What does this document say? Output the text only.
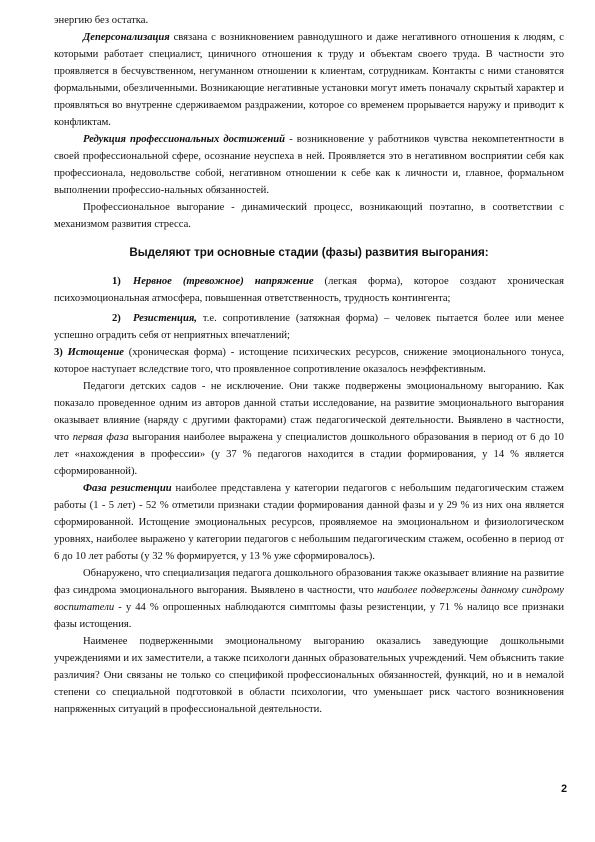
энергию без остатка.

Деперсонализация связана с возникновением равнодушного и даже негативного отношения к людям, с которыми работает специалист, циничного отношения к труду и объектам своего труда. В частности это проявляется в бесчувственном, негуманном отношении к клиентам, сотрудникам. Контакты с ними становятся формальными, обезличенными. Возникающие негативные установки могут иметь поначалу скрытый характер и проявляться во внутренне сдерживаемом раздражении, которое со временем прорывается наружу и приводит к конфликтам.

Редукция профессиональных достижений - возникновение у работников чувства некомпетентности в своей профессиональной сфере, осознание неуспеха в ней. Проявляется это в негативном восприятии себя как профессионала, недовольстве собой, негативном отношении к себе как к личности и, главное, формальном выполнении профессио-нальных обязанностей.

Профессиональное выгорание - динамический процесс, возникающий поэтапно, в соответствии с механизмом развития стресса.

Выделяют три основные стадии (фазы) развития выгорания:

1) Нервное (тревожное) напряжение (легкая форма), которое создают хроническая психоэмоциональная атмосфера, повышенная ответственность, трудность контингента;

2) Резистенция, т.е. сопротивление (затяжная форма) – человек пытается более или менее успешно оградить себя от неприятных впечатлений;

3) Истощение (хроническая форма) - истощение психических ресурсов, снижение эмоционального тонуса, которое наступает вследствие того, что проявленное сопротивление оказалось неэффективным.

Педагоги детских садов - не исключение. Они также подвержены эмоциональному выгоранию. Как показало проведенное одним из авторов данной статьи исследование, на развитие эмоционального выгорания оказывает влияние (наряду с другими факторами) стаж педагогической деятельности. Выявлено в частности, что первая фаза выгорания наиболее выражена у специалистов дошкольного образования в период от 6 до 10 лет «нахождения в профессии» (у 37 % педагогов находится в стадии формирования, у 14 % является сформированной).

Фаза резистенции наиболее представлена у категории педагогов с небольшим педагогическим стажем работы (1 - 5 лет) - 52 % отметили признаки стадии формирования данной фазы и у 29 % из них она является сформированной. Истощение эмоциональных ресурсов, проявляемое на эмоциональном и физиологическом уровнях, наиболее выражено у категории педагогов с небольшим педагогическим стажем, особенно в период от 6 до 10 лет работы (у 32 % формируется, у 13 % уже сформировалось).

Обнаружено, что специализация педагога дошкольного образования также оказывает влияние на развитие фаз синдрома эмоционального выгорания. Выявлено в частности, что наиболее подвержены данному синдрому воспитатели - у 44 % опрошенных наблюдаются симптомы фазы резистенции, у 71 % налицо все признаки фазы истощения.

Наименее подверженными эмоциональному выгоранию оказались заведующие дошкольными учреждениями и их заместители, а также психологи данных образовательных учреждений. Чем объяснить такие различия? Они связаны не только со спецификой профессиональных обязанностей, функций, но и в немалой степени со специальной подготовкой в области психологии, что уменьшает риск частого возникновения напряженных ситуаций в профессиональной деятельности.

2
